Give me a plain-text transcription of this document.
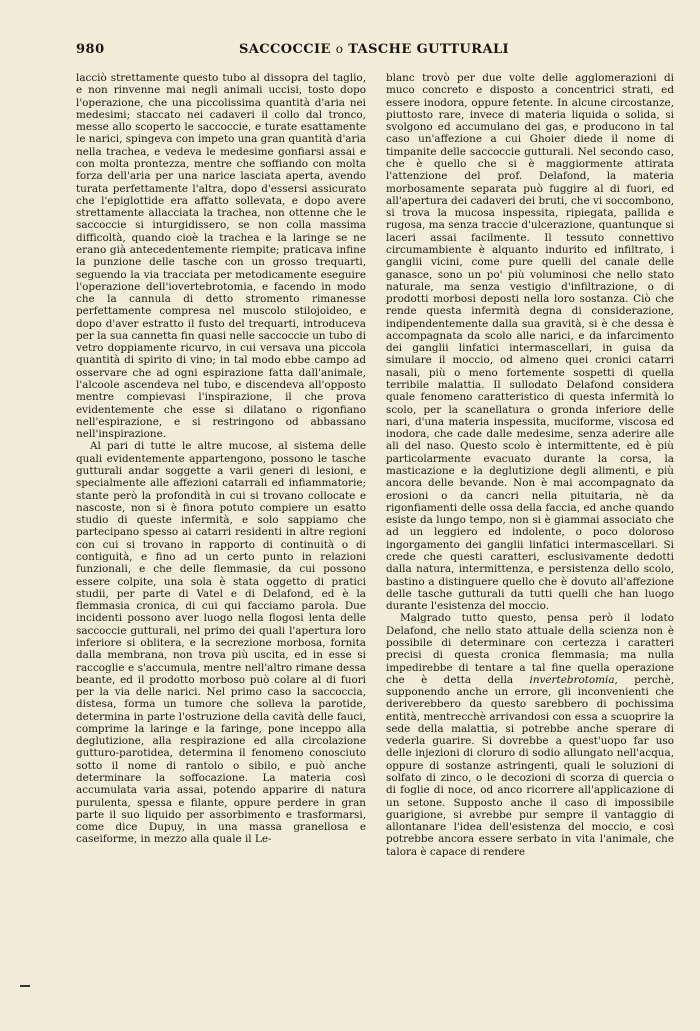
980	SACCOCCIE o TASCHE GUTTURALI

lacciò strettamente questo tubo al dissopra del taglio, e non rinvenne mai negli animali uccisi, tosto dopo l'operazione, che una piccolissima quantità d'aria nei medesimi; staccato nei cadaveri il collo dal tronco, messe allo scoperto le saccoccie, e turate esattamente le narici, spingeva con impeto una gran quantità d'aria nella trachea, e vedeva le medesime gonfiarsi assai e con molta prontezza, mentre che soffiando con molta forza dell'aria per una narice lasciata aperta, avendo turata perfettamente l'altra, dopo d'essersi assicurato che l'epiglottide era affatto sollevata, e dopo avere strettamente allacciata la trachea, non ottenne che le saccoccie si inturgidissero, se non colla massima difficoltà, quando cioè la trachea e la laringe se ne erano già antecedentemente riempite; praticava infine la punzione delle tasche con un grosso trequarti, seguendo la via tracciata per metodicamente eseguire l'operazione dell'iovertebrotomia, e facendo in modo che la cannula di detto stromento rimanesse perfettamente compresa nel muscolo stilojoideo, e dopo d'aver estratto il fusto del trequarti, introduceva per la sua cannetta fin quasi nelle saccoccie un tubo di vetro doppiamente ricurvo, in cui versava una piccola quantità di spirito di vino; in tal modo ebbe campo ad osservare che ad ogni espirazione fatta dall'animale, l'alcoole ascendeva nel tubo, e discendeva all'opposto mentre compievasi l'inspirazione, il che prova evidentemente che esse si dilatano o rigonfiano nell'espirazione, e si restringono od abbassano nell'inspirazione.

Al pari di tutte le altre mucose, al sistema delle quali evidentemente appartengono, possono le tasche gutturali andar soggette a varii generi di lesioni, e specialmente alle affezioni catarrali ed infiammatorie; stante però la profondità in cui si trovano collocate e nascoste, non si è finora potuto compiere un esatto studio di queste infermità, e solo sappiamo che partecipano spesso ai catarri residenti in altre regioni con cui si trovano in rapporto di continuità o di contiguità, e fino ad un certo punto in relazioni funzionali, e che delle flemmasie, da cui possono essere colpite, una sola è stata oggetto di pratici studii, per parte di Vatel e di Delafond, ed è la flemmasia cronica, di cui qui facciamo parola. Due incidenti possono aver luogo nella flogosi lenta delle saccoccie gutturali, nel primo dei quali l'apertura loro inferiore si oblitera, e la secrezione morbosa, fornita dalla membrana, non trova più uscita, ed in esse si raccoglie e s'accumula, mentre nell'altro rimane dessa beante, ed il prodotto morboso può colare al di fuori per la via delle narici. Nel primo caso la saccoccia, distesa, forma un tumore che solleva la parotide, determina in parte l'ostruzione della cavità delle fauci, comprime la laringe e la faringe, pone inceppo alla deglutizione, alla respirazione ed alla circolazione gutturo-parotidea, determina il fenomeno conosciuto sotto il nome di rantolo o sibilo, e può anche determinare la soffocazione. La materia così accumulata varia assai, potendo apparire di natura purulenta, spessa e filante, oppure perdere in gran parte il suo liquido per assorbimento e trasformarsi, come dice Dupuy, in una massa granellosa e caseiforme, in mezzo alla quale il Le-

blanc trovò per due volte delle agglomerazioni di muco concreto e disposto a concentrici strati, ed essere inodora, oppure fetente. In alcune circostanze, piuttosto rare, invece di materia liquida o solida, si svolgono ed accumulano dei gas, e producono in tal caso un'affezione a cui Ghoier diede il nome di timpanite delle saccoccie gutturali. Nel secondo caso, che è quello che si è maggiormente attirata l'attenzione del prof. Delafond, la materia morbosamente separata può fuggire al di fuori, ed all'apertura dei cadaveri dei bruti, che vi soccombono, si trova la mucosa inspessita, ripiegata, pallida e rugosa, ma senza traccie d'ulcerazione, quantunque si laceri assai facilmente. Il tessuto connettivo circumambiente è alquanto indurito ed infiltrato, i ganglii vicini, come pure quelli del canale delle ganasce, sono un po' più voluminosi che nello stato naturale, ma senza vestigio d'infiltrazione, o di prodotti morbosi deposti nella loro sostanza. Ciò che rende questa infermità degna di considerazione, indipendentemente dalla sua gravità, si è che dessa è accompagnata da scolo alle narici, e da infarcimento dei ganglii linfatici intermascellari, in guisa da simulare il moccio, od almeno quei cronici catarri nasali, più o meno fortemente sospetti di quella terribile malattia. Il sullodato Delafond considera quale fenomeno caratteristico di questa infermità lo scolo, per la scanellatura o gronda inferiore delle nari, d'una materia inspessita, muciforme, viscosa ed inodora, che cade dalle medesime, senza aderire alle ali del naso. Questo scolo è intermittente, ed è più particolarmente evacuato durante la corsa, la masticazione e la deglutizione degli alimenti, e più ancora delle bevande. Non è mai accompagnato da erosioni o da cancri nella pituitaria, nè da rigonfiamenti delle ossa della faccia, ed anche quando esiste da lungo tempo, non si è giammai associato che ad un leggiero ed indolente, o poco doloroso ingorgamento dei ganglii linfatici intermascellari. Si crede che questi caratteri, esclusivamente dedotti dalla natura, intermittenza, e persistenza dello scolo, bastino a distinguere quello che è dovuto all'affezione delle tasche gutturali da tutti quelli che han luogo durante l'esistenza del moccio.

Malgrado tutto questo, pensa però il lodato Delafond, che nello stato attuale della scienza non è possibile di determinare con certezza i caratteri precisi di questa cronica flemmasia; ma nulla impedirebbe di tentare a tal fine quella operazione che è detta della invertebrotomia, perchè, supponendo anche un errore, gli inconvenienti che deriverebbero da questo sarebbero di pochissima entità, mentrecchè arrivandosi con essa a scuoprire la sede della malattia, si potrebbe anche sperare di vederla guarire. Si dovrebbe a quest'uopo far uso delle injezioni di cloruro di sodio allungato nell'acqua, oppure di sostanze astringenti, quali le soluzioni di solfato di zinco, o le decozioni di scorza di quercia o di foglie di noce, od anco ricorrere all'applicazione di un setone. Supposto anche il caso di impossibile guarigione, si avrebbe pur sempre il vantaggio di allontanare l'idea dell'esistenza del moccio, e così potrebbe ancora essere serbato in vita l'animale, che talora è capace di rendere
